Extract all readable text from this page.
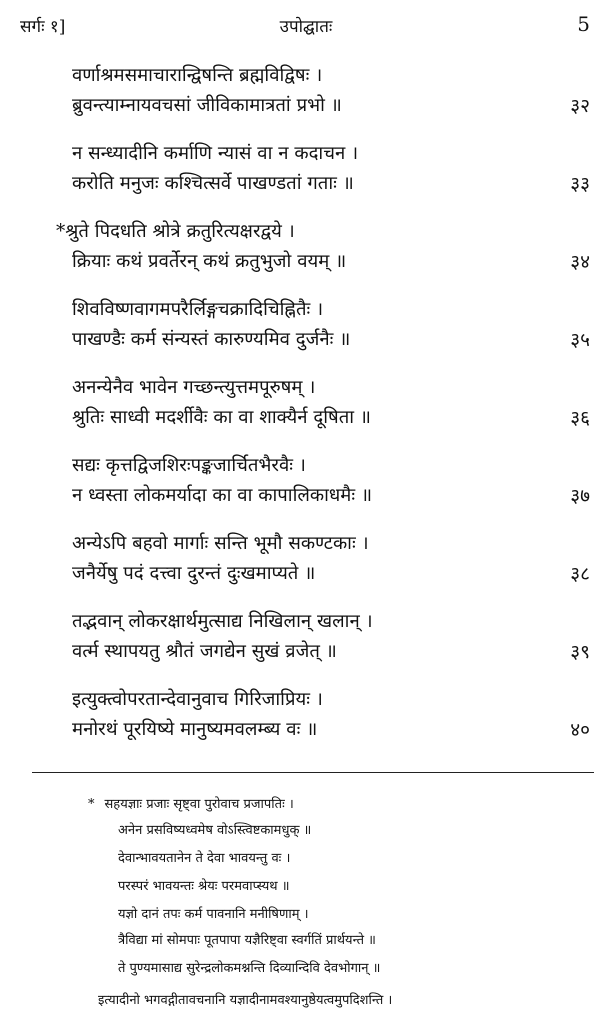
सर्गः १]	उपोद्घातः	5
वर्णाश्रमसमाचारान्द्विषन्ति ब्रह्मविद्विषः ।
ब्रुवन्त्याम्नायवचसां जीविकामात्रतां प्रभो ॥	३२
न सन्ध्यादीनि कर्माणि न्यासं वा न कदाचन ।
करोति मनुजः कश्चित्सर्वे पाखण्डतां गताः ॥	३३
*श्रुते पिदधति श्रोत्रे क्रतुरित्यक्षरद्वये ।
क्रियाः कथं प्रवर्तेरन् कथं क्रतुभुजो वयम् ॥	३४
शिवविष्णवागमपरैर्लिङ्गचक्रादिचिह्नितैः ।
पाखण्डैः कर्म संन्यस्तं कारुण्यमिव दुर्जनैः ॥	३५
अनन्येनैव भावेन गच्छन्त्युत्तमपूरुषम् ।
श्रुतिः साध्वी मदर्शीवैः का वा शाक्यैर्न दूषिता ॥	३६
सद्यः कृत्तद्विजशिरःपङ्कजार्चितभैरवैः ।
न ध्वस्ता लोकमर्यादा का वा कापालिकाधमैः ॥	३७
अन्येऽपि बहवो मार्गाः सन्ति भूमौ सकण्टकाः ।
जनैर्येषु पदं दत्त्वा दुरन्तं दुःखमाप्यते ॥	३८
तद्भवान् लोकरक्षार्थमुत्साद्य निखिलान् खलान् ।
वर्त्म स्थापयतु श्रौतं जगद्येन सुखं व्रजेत् ॥	३९
इत्युक्त्वोपरतान्देवानुवाच गिरिजाप्रियः ।
मनोरथं पूरयिष्ये मानुष्यमवलम्ब्य वः ॥	४०
* सहयज्ञाः प्रजाः सृष्ट्वा पुरोवाच प्रजापतिः ।
अनेन प्रसविष्यध्वमेष वोऽस्त्विष्टकामधुक् ॥
देवान्भावयतानेन ते देवा भावयन्तु वः ।
परस्परं भावयन्तः श्रेयः परमवाप्स्यथ ॥
यज्ञो दानं तपः कर्म पावनानि मनीषिणाम् ।
त्रैविद्या मां सोमपाः पूतपापा यज्ञैरिष्ट्वा स्वर्गतिं प्रार्थयन्ते ॥
ते पुण्यमासाद्य सुरेन्द्रलोकमश्नन्ति दिव्यान्दिवि देवभोगान् ॥
इत्यादीनो भगवद्गीतावचनानि यज्ञादीनामवश्यानुष्ठेयत्वमुपदिशन्ति ।
